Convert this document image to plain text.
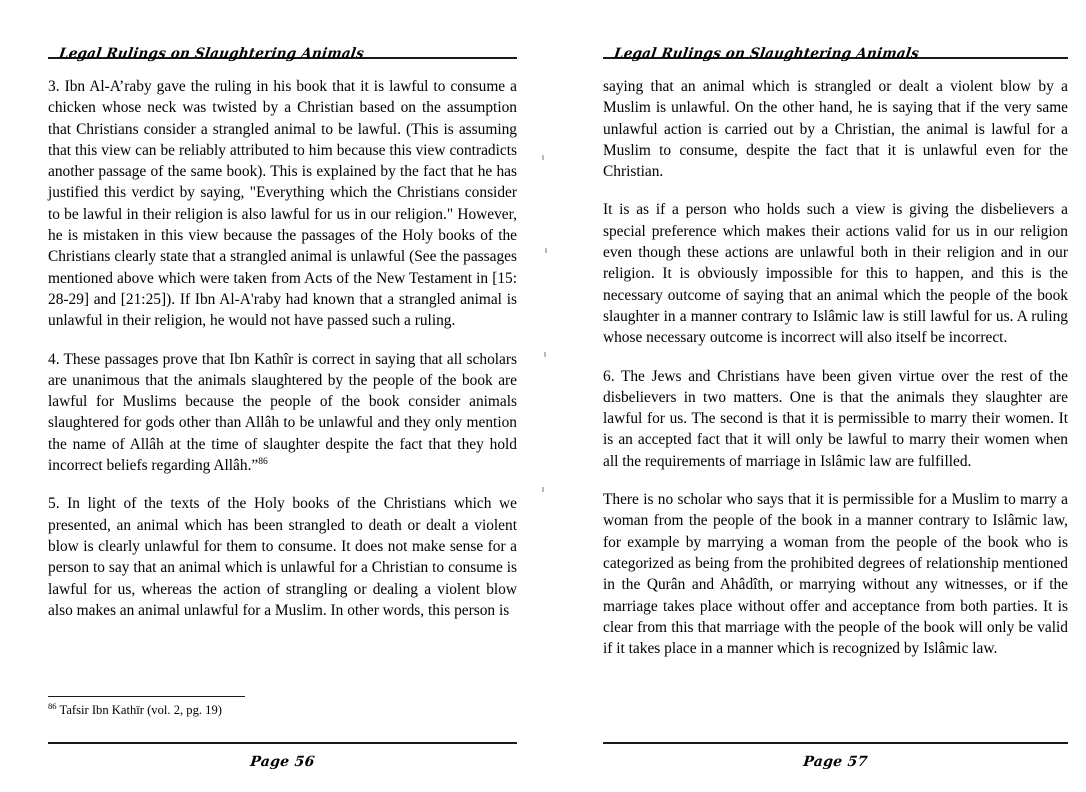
Legal Rulings on Slaughtering Animals

3. Ibn Al-A’raby gave the ruling in his book that it is lawful to consume a chicken whose neck was twisted by a Christian based on the assumption that Christians consider a strangled animal to be lawful. (This is assuming that this view can be reliably attributed to him because this view contradicts another passage of the same book). This is explained by the fact that he has justified this verdict by saying, "Everything which the Christians consider to be lawful in their religion is also lawful for us in our religion." However, he is mistaken in this view because the passages of the Holy books of the Christians clearly state that a strangled animal is unlawful (See the passages mentioned above which were taken from Acts of the New Testament in [15: 28-29] and [21:25]). If Ibn Al-A'raby had known that a strangled animal is unlawful in their religion, he would not have passed such a ruling.

4. These passages prove that Ibn Kathîr is correct in saying that all scholars are unanimous that the animals slaughtered by the people of the book are lawful for Muslims because the people of the book consider animals slaughtered for gods other than Allâh to be unlawful and they only mention the name of Allâh at the time of slaughter despite the fact that they hold incorrect beliefs regarding Allâh.”$^{86}$

5. In light of the texts of the Holy books of the Christians which we presented, an animal which has been strangled to death or dealt a violent blow is clearly unlawful for them to consume. It does not make sense for a person to say that an animal which is unlawful for a Christian to consume is lawful for us, whereas the action of strangling or dealing a violent blow also makes an animal unlawful for a Muslim. In other words, this person is

$^{86}$ Tafsir Ibn Kathīr (vol. 2, pg. 19)

Page 56
Legal Rulings on Slaughtering Animals

saying that an animal which is strangled or dealt a violent blow by a Muslim is unlawful. On the other hand, he is saying that if the very same unlawful action is carried out by a Christian, the animal is lawful for a Muslim to consume, despite the fact that it is unlawful even for the Christian.

It is as if a person who holds such a view is giving the disbelievers a special preference which makes their actions valid for us in our religion even though these actions are unlawful both in their religion and in our religion. It is obviously impossible for this to happen, and this is the necessary outcome of saying that an animal which the people of the book slaughter in a manner contrary to Islâmic law is still lawful for us. A ruling whose necessary outcome is incorrect will also itself be incorrect.

6. The Jews and Christians have been given virtue over the rest of the disbelievers in two matters. One is that the animals they slaughter are lawful for us. The second is that it is permissible to marry their women. It is an accepted fact that it will only be lawful to marry their women when all the requirements of marriage in Islâmic law are fulfilled.

There is no scholar who says that it is permissible for a Muslim to marry a woman from the people of the book in a manner contrary to Islâmic law, for example by marrying a woman from the people of the book who is categorized as being from the prohibited degrees of relationship mentioned in the Qurân and Ahâdîth, or marrying without any witnesses, or if the marriage takes place without offer and acceptance from both parties. It is clear from this that marriage with the people of the book will only be valid if it takes place in a manner which is recognized by Islâmic law.

Page 57
